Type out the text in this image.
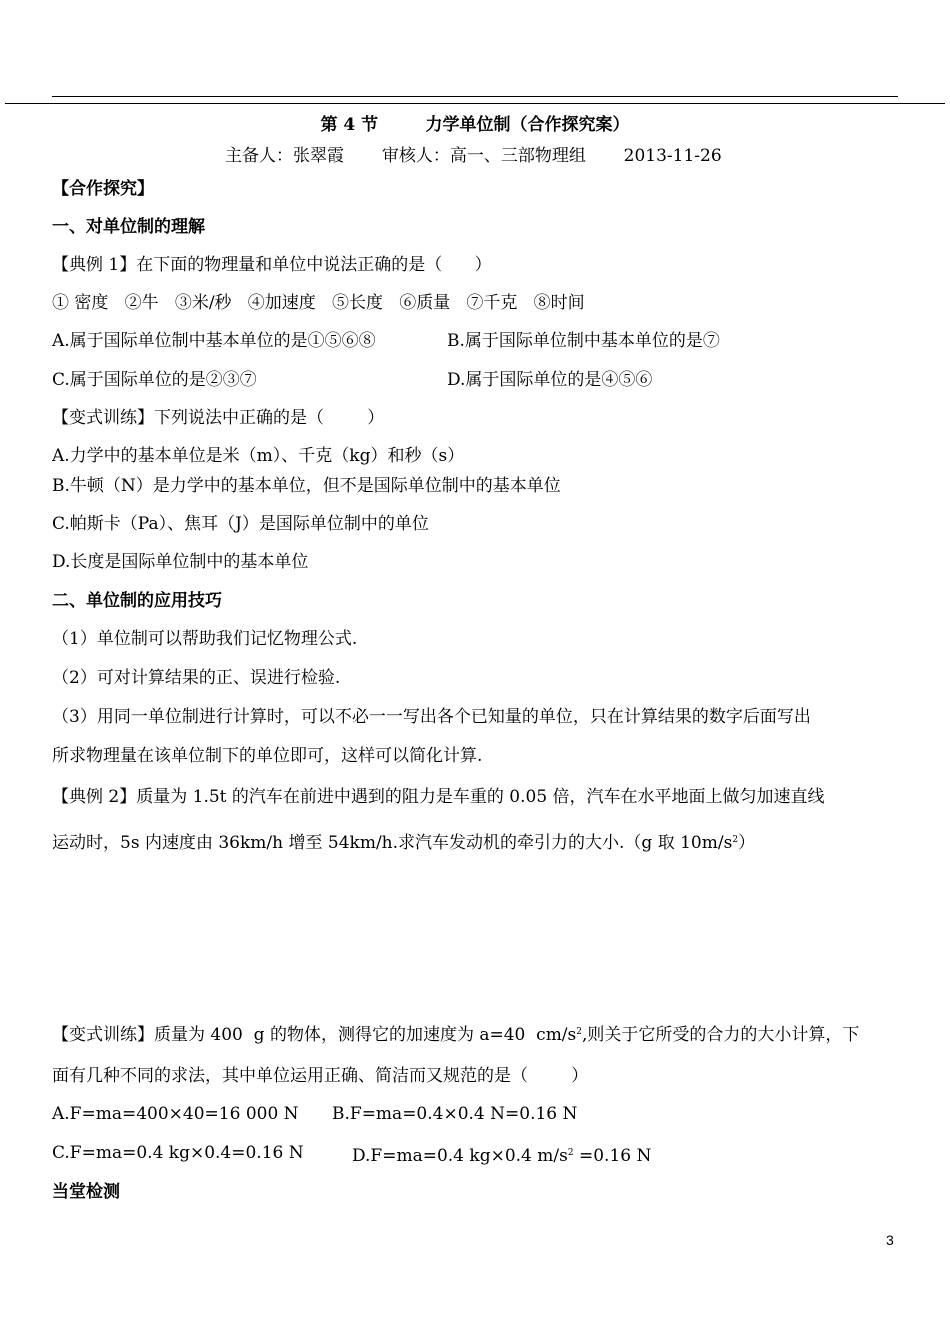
第 4 节        力学单位制（合作探究案）
主备人：张翠霞       审核人：高一、三部物理组       2013-11-26
【合作探究】
一、对单位制的理解
【典例 1】在下面的物理量和单位中说法正确的是（      ）
① 密度   ②牛   ③米/秒   ④加速度   ⑤长度   ⑥质量   ⑦千克   ⑧时间
A.属于国际单位制中基本单位的是①⑤⑥⑧	B.属于国际单位制中基本单位的是⑦
C.属于国际单位的是②③⑦	D.属于国际单位的是④⑤⑥
【变式训练】下列说法中正确的是（        ）
A.力学中的基本单位是米（m）、千克（kg）和秒（s）
B.牛顿（N）是力学中的基本单位，但不是国际单位制中的基本单位
C.帕斯卡（Pa）、焦耳（J）是国际单位制中的单位
D.长度是国际单位制中的基本单位
二、单位制的应用技巧
（1）单位制可以帮助我们记忆物理公式.
（2）可对计算结果的正、误进行检验.
（3）用同一单位制进行计算时，可以不必一一写出各个已知量的单位，只在计算结果的数字后面写出
所求物理量在该单位制下的单位即可，这样可以简化计算.
【典例 2】质量为 1.5t 的汽车在前进中遇到的阻力是车重的 0.05 倍，汽车在水平地面上做匀加速直线
运动时，5s 内速度由 36km/h 增至 54km/h.求汽车发动机的牵引力的大小.（g 取 $10m/s^2$）
【变式训练】质量为 400  g 的物体，测得它的加速度为 a=40  $cm/s^2$,则关于它所受的合力的大小计算，下
面有几种不同的求法，其中单位运用正确、简洁而又规范的是（        ）
A.F=ma=400×40=16 000 N B.F=ma=0.4×0.4 N=0.16 N
C.F=ma=0.4 kg×0.4=0.16 N	D.F=ma=0.4 kg×0.4 $m/s^2 =0.16$ N
当堂检测
3
